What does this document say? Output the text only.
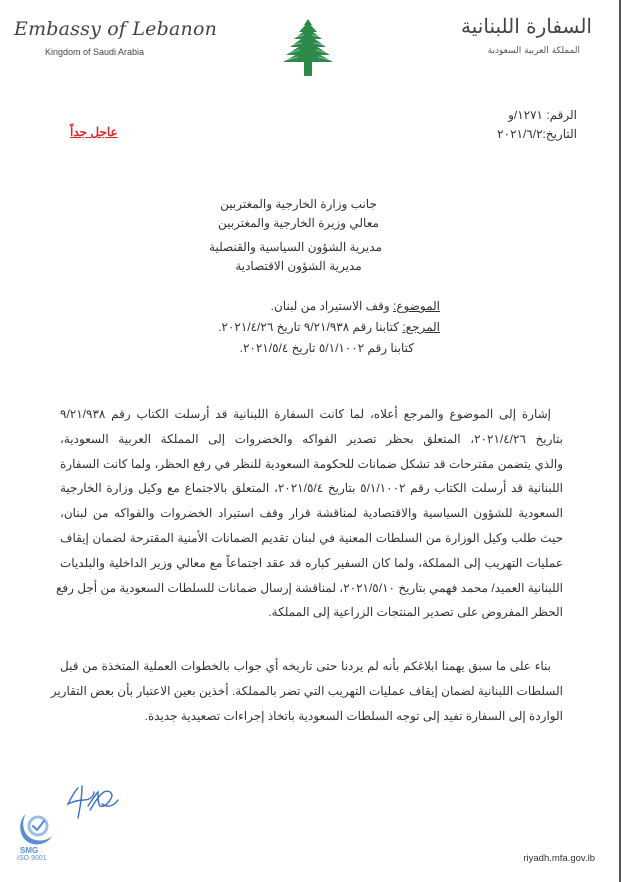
Embassy of Lebanon
Kingdom of Saudi Arabia
السفارة اللبنانية
المملكة العربية السعودية
الرقم: ١٢٧١/و
التاريخ:٢٠٢١/٦/٢
عاجل جداً
جانب وزارة الخارجية والمغتربين
معالي وزيرة الخارجية والمغتربين
مديرية الشؤون السياسية والقنصلية
مديرية الشؤون الاقتصادية
الموضوع: وقف الاستيراد من لبنان.
المرجع: كتابنا رقم ٩/٢١/٩٣٨ تاريخ ٢٠٢١/٤/٢٦.
كتابنا رقم ٥/١/١٠٠٢ تاريخ ٢٠٢١/٥/٤.
إشارة إلى الموضوع والمرجع أعلاه، لما كانت السفارة اللبنانية قد أرسلت الكتاب رقم ٩/٢١/٩٣٨
بتاريخ ٢٠٢١/٤/٢٦، المتعلق بحظر تصدير الفواكه والخضروات إلى المملكة العربية السعودية،
والذي يتضمن مقترحات قد تشكل ضمانات للحكومة السعودية للنظر في رفع الحظر، ولما كانت السفارة
اللبنانية قد أرسلت الكتاب رقم ٥/١/١٠٠٢ بتاريخ ٢٠٢١/٥/٤، المتعلق بالاجتماع مع وكيل وزارة الخارجية
السعودية للشؤون السياسية والاقتصادية لمناقشة قرار وقف استيراد الخضروات والفواكه من لبنان،
حيث طلب وكيل الوزارة من السلطات المعنية في لبنان تقديم الضمانات الأمنية المقترحة لضمان إيقاف
عمليات التهريب إلى المملكة، ولما كان السفير كباره قد عقد اجتماعاً مع معالي وزير الداخلية والبلديات
اللبنانية العميد/ محمد فهمي بتاريخ ٢٠٢١/٥/١٠، لمناقشة إرسال ضمانات للسلطات السعودية من أجل رفع
الحظر المفروض على تصدير المنتجات الزراعية إلى المملكة.
بناء على ما سبق يهمنا ابلاغكم بأنه لم يردنا حتى تاريخه أي جواب بالخطوات العملية المتخذة من قبل
السلطات اللبنانية لضمان إيقاف عمليات التهريب التي تضر بالمملكة. أخذين بعين الاعتبار بأن بعض التقارير
الواردة إلى السفارة تفيد إلى توجه السلطات السعودية باتخاذ إجراءات تصعيدية جديدة.
SMG
ISO 9001	riyadh.mfa.gov.lb
